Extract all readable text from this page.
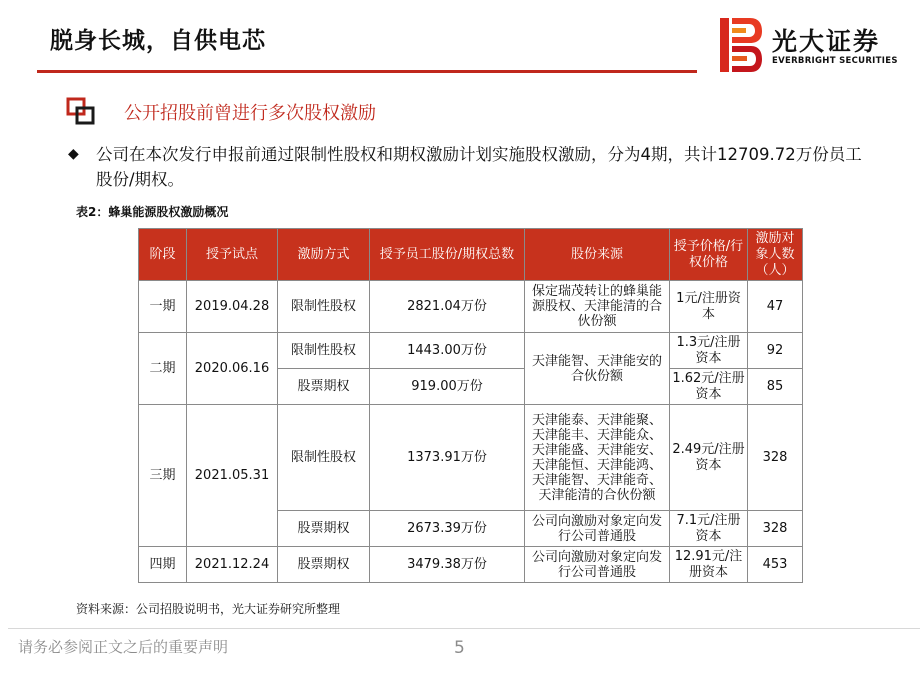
脱身长城，自供电芯	光大证券
EVERBRIGHT SECURITIES
公开招股前曾进行多次股权激励
◆ 公司在本次发行申报前通过限制性股权和期权激励计划实施股权激励，分为4期，共计12709.72万份员工股份/期权。
表2：蜂巢能源股权激励概况
阶段	授予试点	激励方式	授予员工股份/期权总数	股份来源	授予价格/行权价格	激励对象人数（人）
一期	2019.04.28	限制性股权	2821.04万份	保定瑞茂转让的蜂巢能源股权、天津能清的合伙份额	1元/注册资本	47
二期	2020.06.16	限制性股权	1443.00万份	天津能智、天津能安的合伙份额	1.3元/注册资本	92
		股票期权	919.00万份		1.62元/注册资本	85
三期	2021.05.31	限制性股权	1373.91万份	天津能泰、天津能聚、天津能丰、天津能众、天津能盛、天津能安、天津能恒、天津能鸿、天津能智、天津能奇、天津能清的合伙份额	2.49元/注册资本	328
		股票期权	2673.39万份	公司向激励对象定向发行公司普通股	7.1元/注册资本	328
四期	2021.12.24	股票期权	3479.38万份	公司向激励对象定向发行公司普通股	12.91元/注册资本	453
资料来源：公司招股说明书，光大证券研究所整理
请务必参阅正文之后的重要声明	5
